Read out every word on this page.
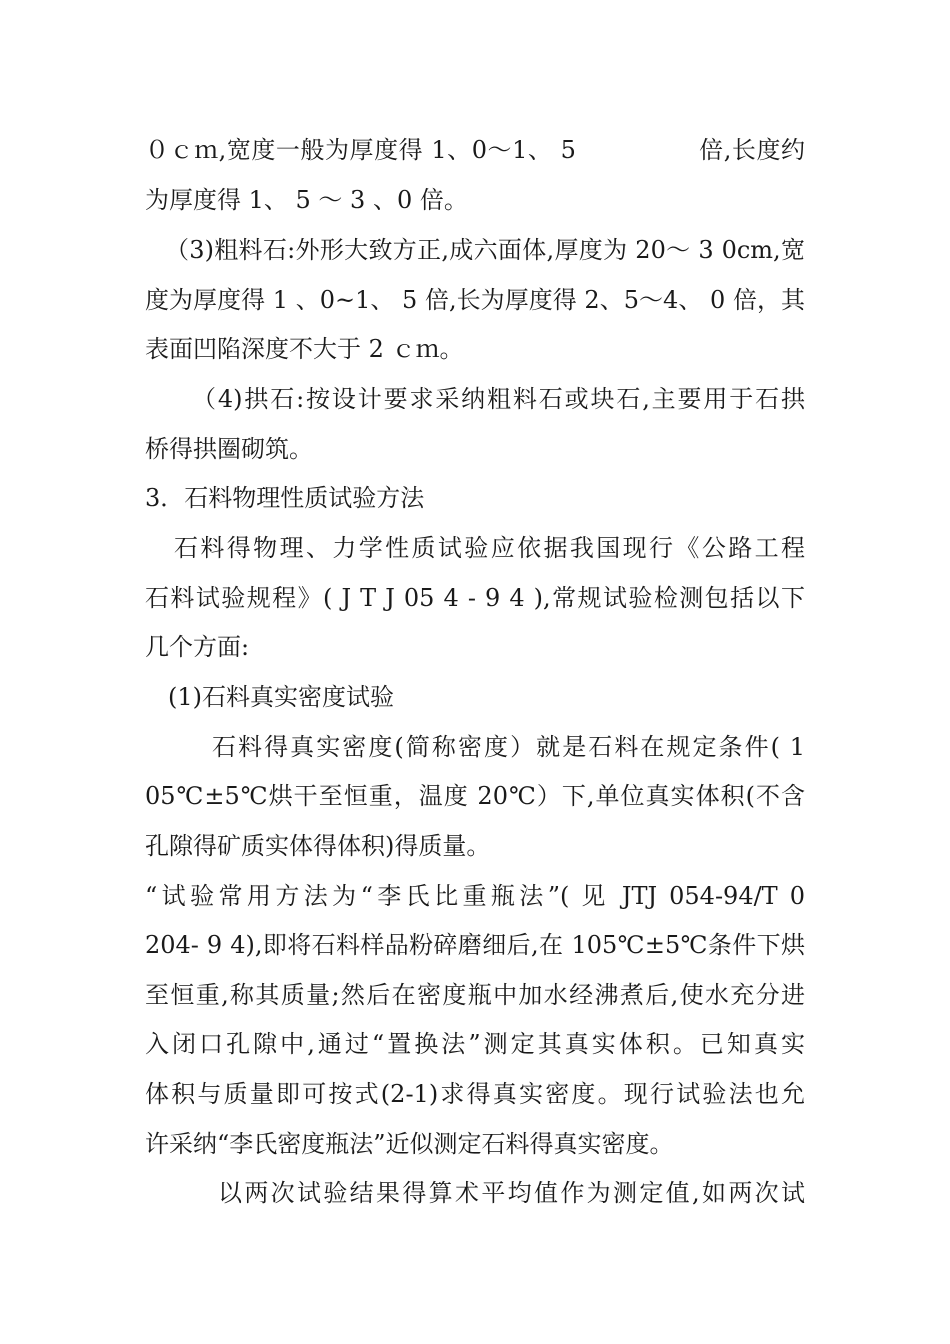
０ｃｍ,宽度一般为厚度得 1、0～1、 5　　　　　倍,长度约
为厚度得 1、 5 ～ 3 、0 倍。
（3)粗料石:外形大致方正,成六面体,厚度为 20～ 3 0cm,宽
度为厚度得 1 、0~1、 5 倍,长为厚度得 2、5～4、 0 倍，其
表面凹陷深度不大于 2 ｃｍ。
（4)拱石:按设计要求采纳粗料石或块石,主要用于石拱
桥得拱圈砌筑。
3．石料物理性质试验方法
石料得物理、力学性质试验应依据我国现行《公路工程
石料试验规程》( J T J 05 4 - 9 4 ),常规试验检测包括以下
几个方面:
(1)石料真实密度试验
石料得真实密度(简称密度）就是石料在规定条件( 1
05℃±5℃烘干至恒重，温度 20℃）下,单位真实体积(不含
孔隙得矿质实体得体积)得质量。
“试验常用方法为“李氏比重瓶法”( 见 JTJ 054-94/T 0
204- 9 4),即将石料样品粉碎磨细后,在 105℃±5℃条件下烘
至恒重,称其质量;然后在密度瓶中加水经沸煮后,使水充分进
入闭口孔隙中,通过“置换法”测定其真实体积。已知真实
体积与质量即可按式(2-1)求得真实密度。现行试验法也允
许采纳“李氏密度瓶法”近似测定石料得真实密度。
以两次试验结果得算术平均值作为测定值,如两次试
